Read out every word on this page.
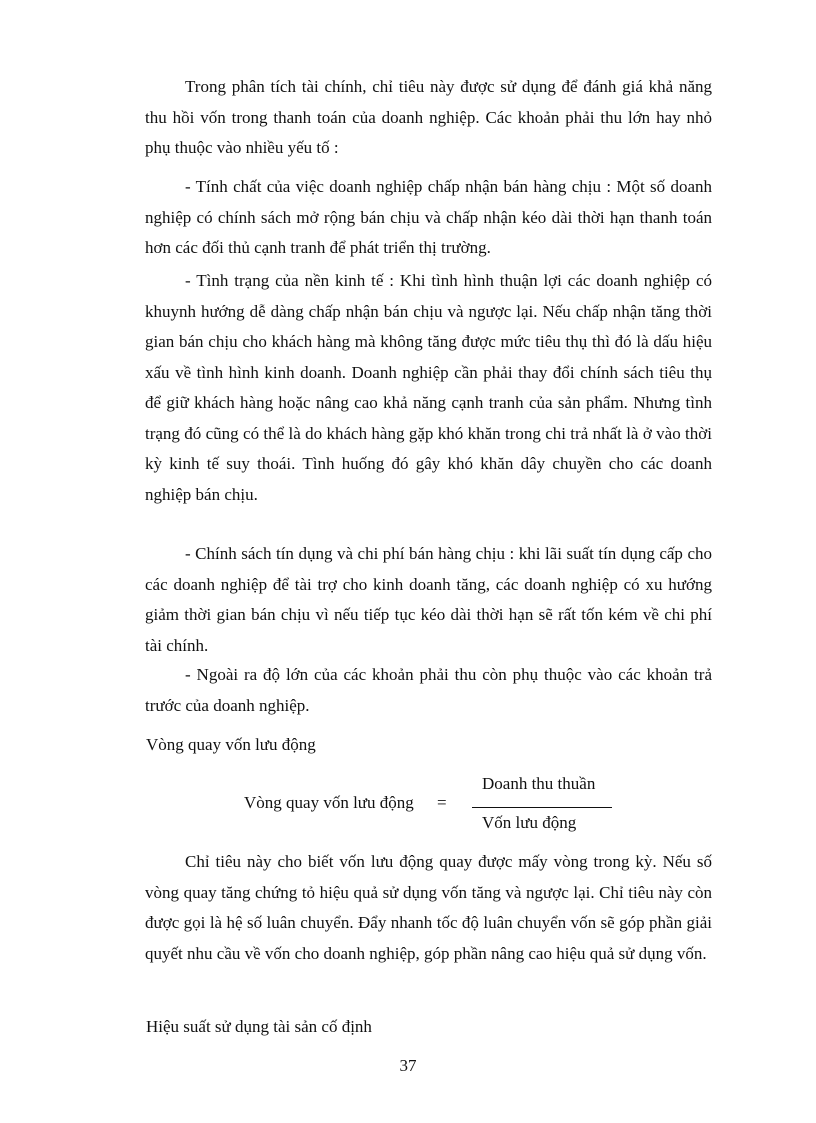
Trong phân tích tài chính, chỉ tiêu này được sử dụng để đánh giá khả năng thu hồi vốn trong thanh toán của doanh nghiệp. Các khoản phải thu lớn hay nhỏ phụ thuộc vào nhiều yếu tố :

- Tính chất của việc doanh nghiệp chấp nhận bán hàng chịu : Một số doanh nghiệp có chính sách mở rộng bán chịu và chấp nhận kéo dài thời hạn thanh toán hơn các đối thủ cạnh tranh để phát triển thị trường.

- Tình trạng của nền kinh tế : Khi tình hình thuận lợi các doanh nghiệp có khuynh hướng dễ dàng chấp nhận bán chịu và ngược lại. Nếu chấp nhận tăng thời gian bán chịu cho khách hàng mà không tăng được mức tiêu thụ thì đó là dấu hiệu xấu về tình hình kinh doanh. Doanh nghiệp cần phải thay đổi chính sách tiêu thụ để giữ khách hàng hoặc nâng cao khả năng cạnh tranh của sản phẩm. Nhưng tình trạng đó cũng có thể là do khách hàng gặp khó khăn trong chi trả nhất là ở vào thời kỳ kinh tế suy thoái. Tình huống đó gây khó khăn dây chuyền cho các doanh nghiệp bán chịu.

- Chính sách tín dụng và chi phí bán hàng chịu : khi lãi suất tín dụng cấp cho các doanh nghiệp để tài trợ cho kinh doanh tăng, các doanh nghiệp có xu hướng giảm thời gian bán chịu vì nếu tiếp tục kéo dài thời hạn sẽ rất tốn kém về chi phí tài chính.

- Ngoài ra độ lớn của các khoản phải thu còn phụ thuộc vào các khoản trả trước của doanh nghiệp.

Vòng quay vốn lưu động

Vòng quay vốn lưu động =
Doanh thu thuần
Vốn lưu động

Chỉ tiêu này cho biết vốn lưu động quay được mấy vòng trong kỳ. Nếu số vòng quay tăng chứng tỏ hiệu quả sử dụng vốn tăng và ngược lại. Chỉ tiêu này còn được gọi là hệ số luân chuyển. Đẩy nhanh tốc độ luân chuyển vốn sẽ góp phần giải quyết nhu cầu về vốn cho doanh nghiệp, góp phần nâng cao hiệu quả sử dụng vốn.

Hiệu suất sử dụng tài sản cố định

37
